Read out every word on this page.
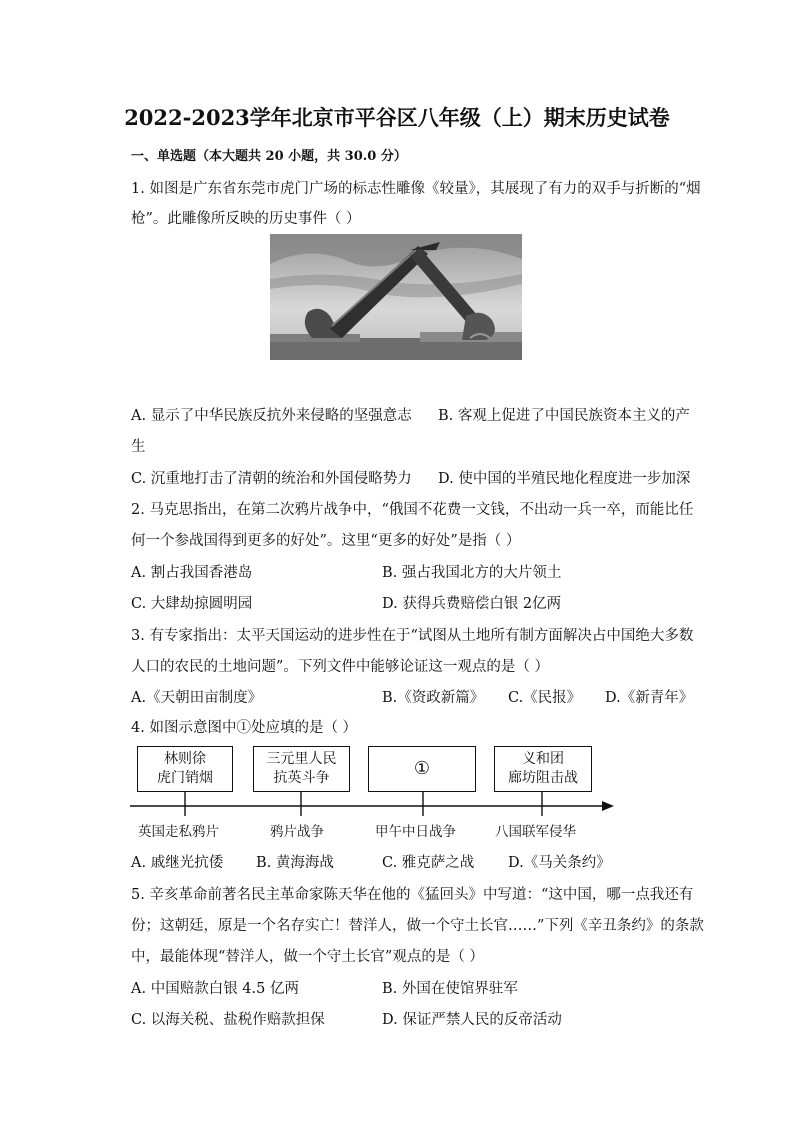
2022-2023学年北京市平谷区八年级（上）期末历史试卷
一、单选题（本大题共 20 小题，共 30.0 分）
1. 如图是广东省东莞市虎门广场的标志性雕像《较量》，其展现了有力的双手与折断的“烟
枪”。此雕像所反映的历史事件（ ）
A. 显示了中华民族反抗外来侵略的坚强意志 B. 客观上促进了中国民族资本主义的产
生
C. 沉重地打击了清朝的统治和外国侵略势力 D. 使中国的半殖民地化程度进一步加深
2. 马克思指出，在第二次鸦片战争中，“俄国不花费一文钱，不出动一兵一卒，而能比任
何一个参战国得到更多的好处”。这里“更多的好处”是指（ ）
A. 割占我国香港岛	B. 强占我国北方的大片领土
C. 大肆劫掠圆明园	D. 获得兵费赔偿白银 2亿两
3. 有专家指出：太平天国运动的进步性在于“试图从土地所有制方面解决占中国绝大多数
人口的农民的土地问题”。下列文件中能够论证这一观点的是（ ）
A.《天朝田亩制度》	B.《资政新篇》 C.《民报》 D.《新青年》
4. 如图示意图中①处应填的是（ ）
林则徐
虎门销烟
三元里人民
抗英斗争	①	义和团
廊坊阻击战
英国走私鸦片	鸦片战争	甲午中日战争	八国联军侵华
A. 戚继光抗倭 B. 黄海海战	C. 雅克萨之战 D.《马关条约》
5. 辛亥革命前著名民主革命家陈天华在他的《猛回头》中写道：“这中国，哪一点我还有
份；这朝廷，原是一个名存实亡！替洋人，做一个守土长官……”下列《辛丑条约》的条款
中，最能体现“替洋人，做一个守土长官”观点的是（ ）
A. 中国赔款白银 4.5 亿两	B. 外国在使馆界驻军
C. 以海关税、盐税作赔款担保	D. 保证严禁人民的反帝活动
